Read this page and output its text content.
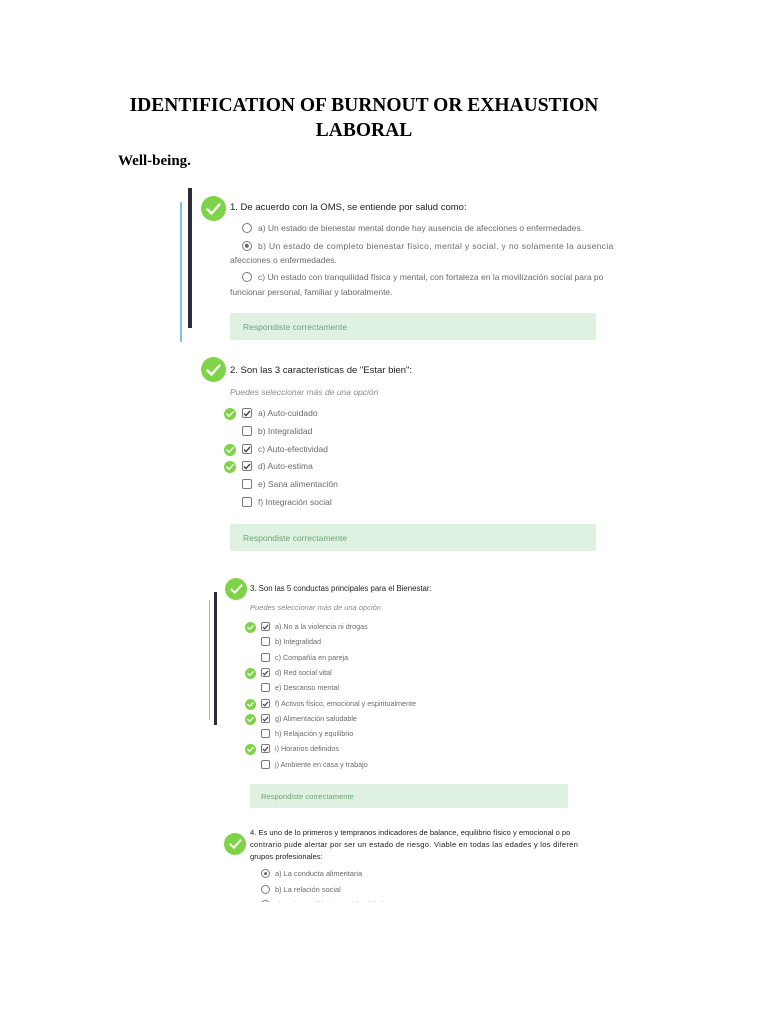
IDENTIFICATION OF BURNOUT OR EXHAUSTION LABORAL
Well-being.
1. De acuerdo con la OMS, se entiende por salud como:
a) Un estado de bienestar mental donde hay ausencia de afecciones o enfermedades.
b) Un estado de completo bienestar físico, mental y social, y no solamente la ausencia
afecciones o enfermedades.
c) Un estado con tranquilidad física y mental, con fortaleza en la movilización social para po
funcionar personal, familiar y laboralmente.
Respondiste correctamente
2. Son las 3 características de "Estar bien":
Puedes seleccionar más de una opción
a) Auto-cuidado
b) Integralidad
c) Auto-efectividad
d) Auto-estima
e) Sana alimentación
f) Integración social
Respondiste correctamente
3. Son las 5 conductas principales para el Bienestar:
Puedes seleccionar más de una opción
a) No a la violencia ni drogas
b) Integralidad
c) Compañía en pareja
d) Red social vital
e) Descanso mental
f) Activos físico, emocional y espiritualmente
g) Alimentación saludable
h) Relajación y equilibrio
i) Horarios definidos
j) Ambiente en casa y trabajo
Respondiste correctamente
4. Es uno de lo primeros y tempranos indicadores de balance, equilibrio físico y emocional o po
contrario pude alertar por ser un estado de riesgo. Viable en todas las edades y los diferen
grupos profesionales:
a) La conducta alimentaria
b) La relación social
